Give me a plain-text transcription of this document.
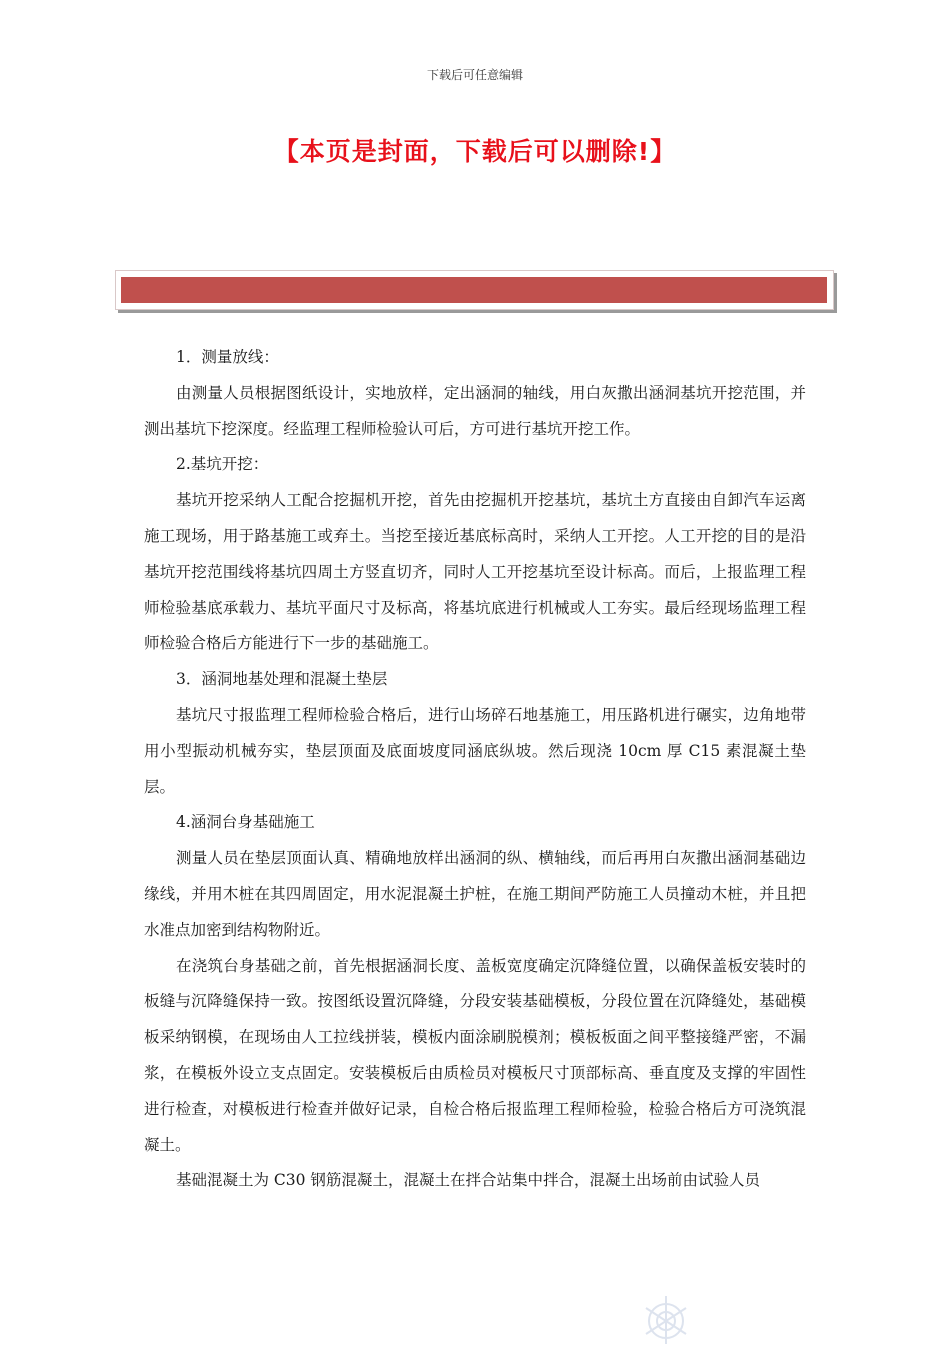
下载后可任意编辑
【本页是封面，下载后可以删除!】

1．测量放线：

由测量人员根据图纸设计，实地放样，定出涵洞的轴线，用白灰撒出涵洞基坑开挖范围，并测出基坑下挖深度。经监理工程师检验认可后，方可进行基坑开挖工作。

2.基坑开挖：

基坑开挖采纳人工配合挖掘机开挖，首先由挖掘机开挖基坑，基坑土方直接由自卸汽车运离施工现场，用于路基施工或弃土。当挖至接近基底标高时，采纳人工开挖。人工开挖的目的是沿基坑开挖范围线将基坑四周土方竖直切齐，同时人工开挖基坑至设计标高。而后，上报监理工程师检验基底承载力、基坑平面尺寸及标高，将基坑底进行机械或人工夯实。最后经现场监理工程师检验合格后方能进行下一步的基础施工。

3．涵洞地基处理和混凝土垫层

基坑尺寸报监理工程师检验合格后，进行山场碎石地基施工，用压路机进行碾实，边角地带用小型振动机械夯实，垫层顶面及底面坡度同涵底纵坡。然后现浇 10cm 厚 C15 素混凝土垫层。

4.涵洞台身基础施工

测量人员在垫层顶面认真、精确地放样出涵洞的纵、横轴线，而后再用白灰撒出涵洞基础边缘线，并用木桩在其四周固定，用水泥混凝土护桩，在施工期间严防施工人员撞动木桩，并且把水准点加密到结构物附近。

在浇筑台身基础之前，首先根据涵洞长度、盖板宽度确定沉降缝位置，以确保盖板安装时的板缝与沉降缝保持一致。按图纸设置沉降缝，分段安装基础模板，分段位置在沉降缝处，基础模板采纳钢模，在现场由人工拉线拼装，模板内面涂刷脱模剂；模板板面之间平整接缝严密，不漏浆，在模板外设立支点固定。安装模板后由质检员对模板尺寸顶部标高、垂直度及支撑的牢固性进行检查，对模板进行检查并做好记录，自检合格后报监理工程师检验，检验合格后方可浇筑混凝土。

基础混凝土为 C30 钢筋混凝土，混凝土在拌合站集中拌合，混凝土出场前由试验人员
